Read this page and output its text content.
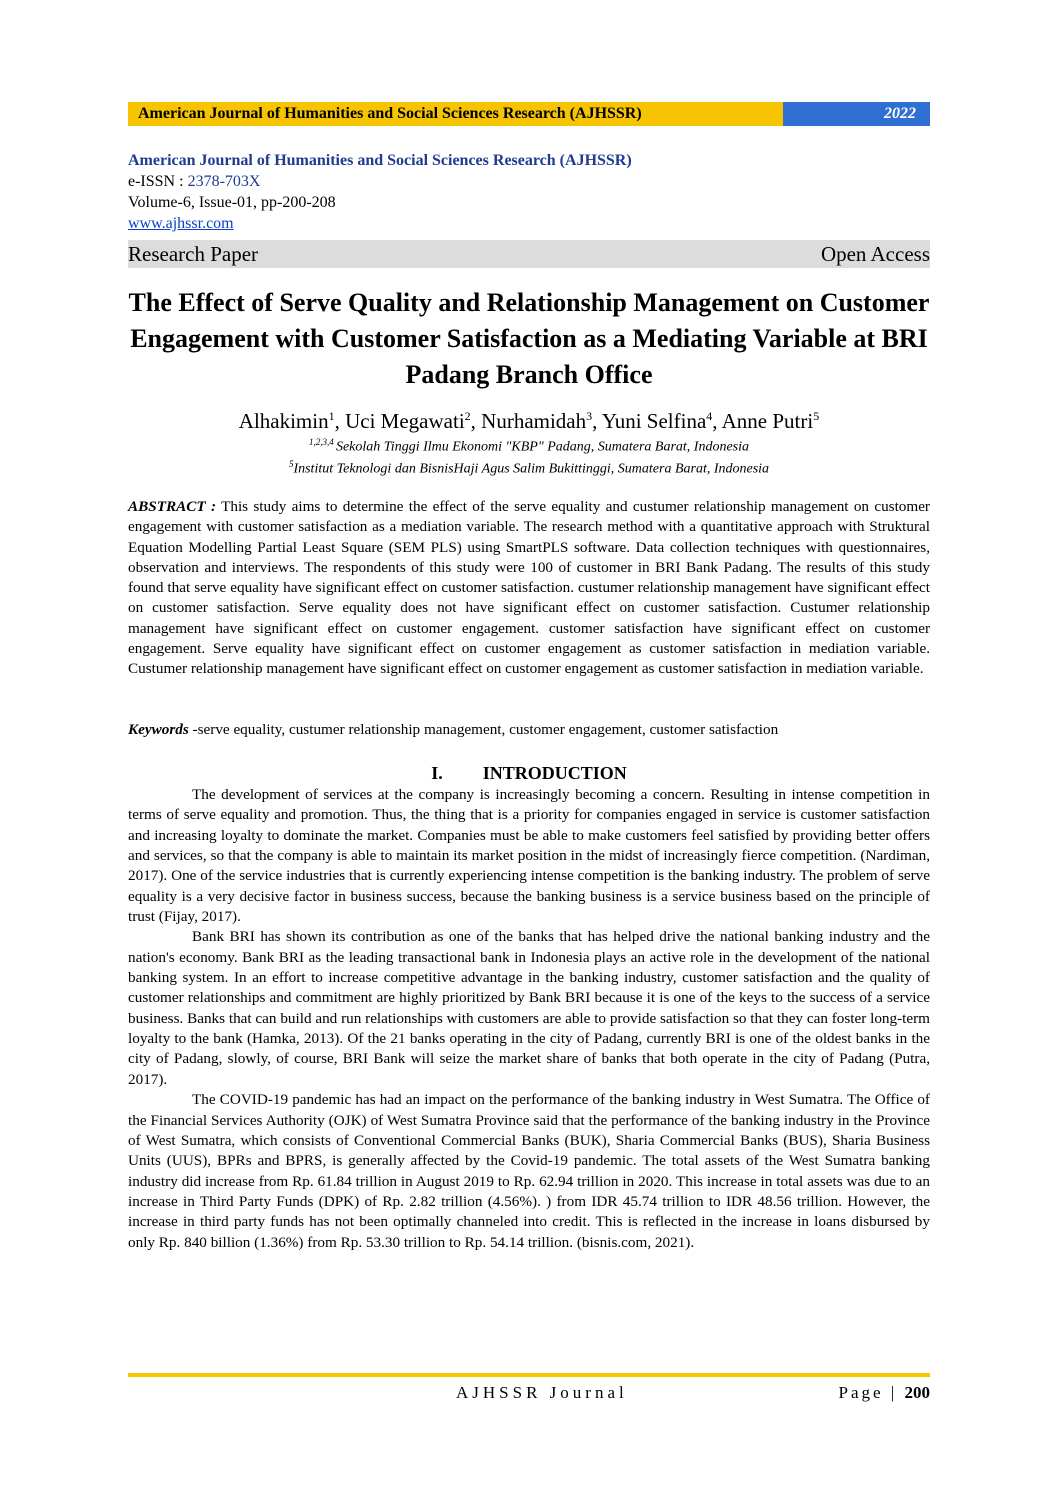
American Journal of Humanities and Social Sciences Research (AJHSSR)	2022
American Journal of Humanities and Social Sciences Research (AJHSSR)
e-ISSN : 2378-703X
Volume-6, Issue-01, pp-200-208
www.ajhssr.com
Research Paper	Open Access
The Effect of Serve Quality and Relationship Management on Customer Engagement with Customer Satisfaction as a Mediating Variable at BRI Padang Branch Office
Alhakimin$^1$, Uci Megawati$^2$, Nurhamidah$^3$, Yuni Selfina$^4$, Anne Putri$^5$
$^{1,2,3,4}$ Sekolah Tinggi Ilmu Ekonomi "KBP" Padang, Sumatera Barat, Indonesia
$^5$Institut Teknologi dan BisnisHaji Agus Salim Bukittinggi, Sumatera Barat, Indonesia
ABSTRACT : This study aims to determine the effect of the serve equality and custumer relationship management on customer engagement with customer satisfaction as a mediation variable. The research method with a quantitative approach with Struktural Equation Modelling Partial Least Square (SEM PLS) using SmartPLS software. Data collection techniques with questionnaires, observation and interviews. The respondents of this study were 100 of customer in BRI Bank Padang. The results of this study found that serve equality have significant effect on customer satisfaction. custumer relationship management have significant effect on customer satisfaction. Serve equality does not have significant effect on customer satisfaction. Custumer relationship management have significant effect on customer engagement. customer satisfaction have significant effect on customer engagement. Serve equality have significant effect on customer engagement as customer satisfaction in mediation variable. Custumer relationship management have significant effect on customer engagement as customer satisfaction in mediation variable.
Keywords -serve equality, custumer relationship management, customer engagement, customer satisfaction
I. INTRODUCTION

The development of services at the company is increasingly becoming a concern. Resulting in intense competition in terms of serve equality and promotion. Thus, the thing that is a priority for companies engaged in service is customer satisfaction and increasing loyalty to dominate the market. Companies must be able to make customers feel satisfied by providing better offers and services, so that the company is able to maintain its market position in the midst of increasingly fierce competition. (Nardiman, 2017). One of the service industries that is currently experiencing intense competition is the banking industry. The problem of serve equality is a very decisive factor in business success, because the banking business is a service business based on the principle of trust (Fijay, 2017).

Bank BRI has shown its contribution as one of the banks that has helped drive the national banking industry and the nation's economy. Bank BRI as the leading transactional bank in Indonesia plays an active role in the development of the national banking system. In an effort to increase competitive advantage in the banking industry, customer satisfaction and the quality of customer relationships and commitment are highly prioritized by Bank BRI because it is one of the keys to the success of a service business. Banks that can build and run relationships with customers are able to provide satisfaction so that they can foster long-term loyalty to the bank (Hamka, 2013). Of the 21 banks operating in the city of Padang, currently BRI is one of the oldest banks in the city of Padang, slowly, of course, BRI Bank will seize the market share of banks that both operate in the city of Padang (Putra, 2017).

The COVID-19 pandemic has had an impact on the performance of the banking industry in West Sumatra. The Office of the Financial Services Authority (OJK) of West Sumatra Province said that the performance of the banking industry in the Province of West Sumatra, which consists of Conventional Commercial Banks (BUK), Sharia Commercial Banks (BUS), Sharia Business Units (UUS), BPRs and BPRS, is generally affected by the Covid-19 pandemic. The total assets of the West Sumatra banking industry did increase from Rp. 61.84 trillion in August 2019 to Rp. 62.94 trillion in 2020. This increase in total assets was due to an increase in Third Party Funds (DPK) of Rp. 2.82 trillion (4.56%). ) from IDR 45.74 trillion to IDR 48.56 trillion. However, the increase in third party funds has not been optimally channeled into credit. This is reflected in the increase in loans disbursed by only Rp. 840 billion (1.36%) from Rp. 53.30 trillion to Rp. 54.14 trillion. (bisnis.com, 2021).

AJHSSR Journal	Page | 200
